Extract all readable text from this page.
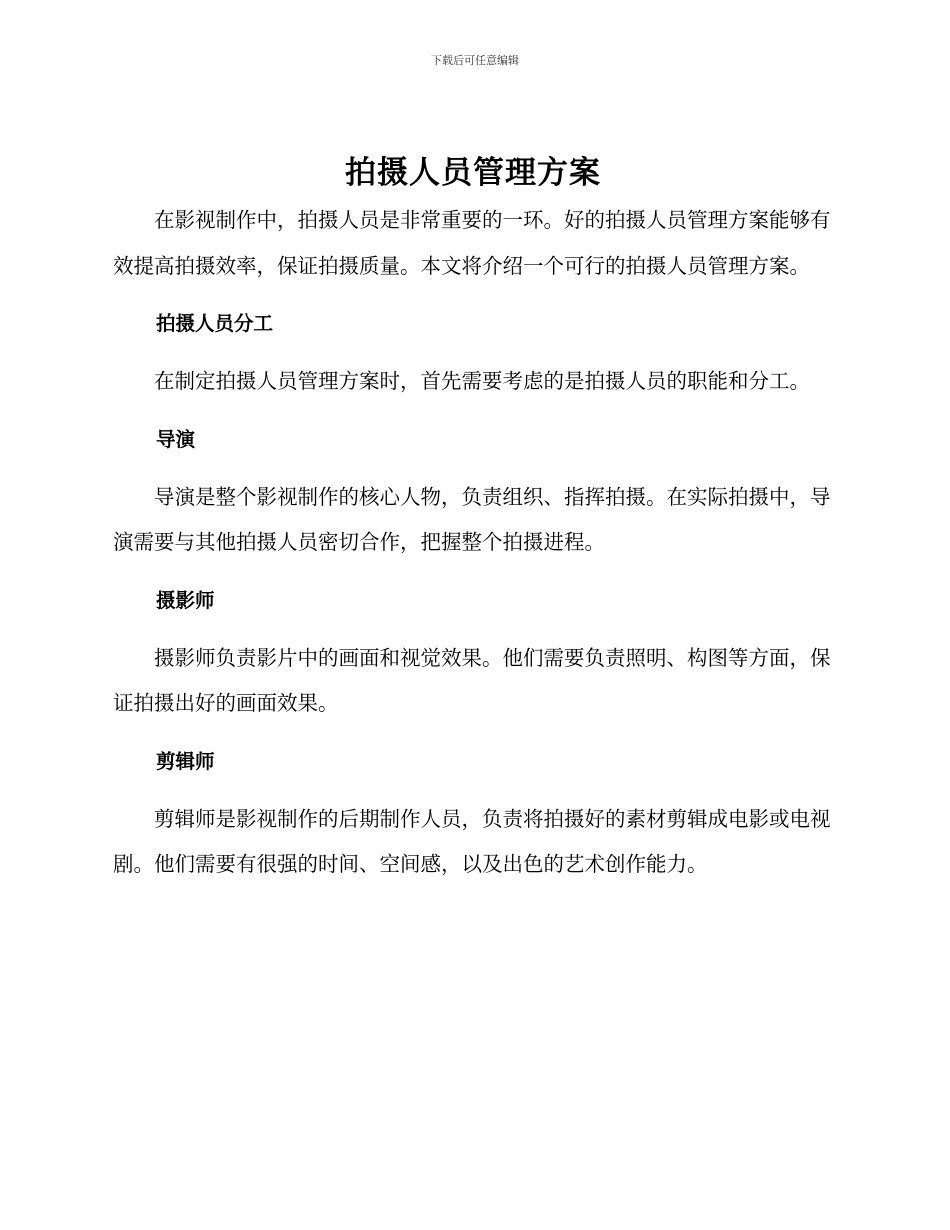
下载后可任意编辑
拍摄人员管理方案

在影视制作中，拍摄人员是非常重要的一环。好的拍摄人员管理方案能够有效提高拍摄效率，保证拍摄质量。本文将介绍一个可行的拍摄人员管理方案。

拍摄人员分工

在制定拍摄人员管理方案时，首先需要考虑的是拍摄人员的职能和分工。

导演

导演是整个影视制作的核心人物，负责组织、指挥拍摄。在实际拍摄中，导演需要与其他拍摄人员密切合作，把握整个拍摄进程。

摄影师

摄影师负责影片中的画面和视觉效果。他们需要负责照明、构图等方面，保证拍摄出好的画面效果。

剪辑师

剪辑师是影视制作的后期制作人员，负责将拍摄好的素材剪辑成电影或电视剧。他们需要有很强的时间、空间感，以及出色的艺术创作能力。
